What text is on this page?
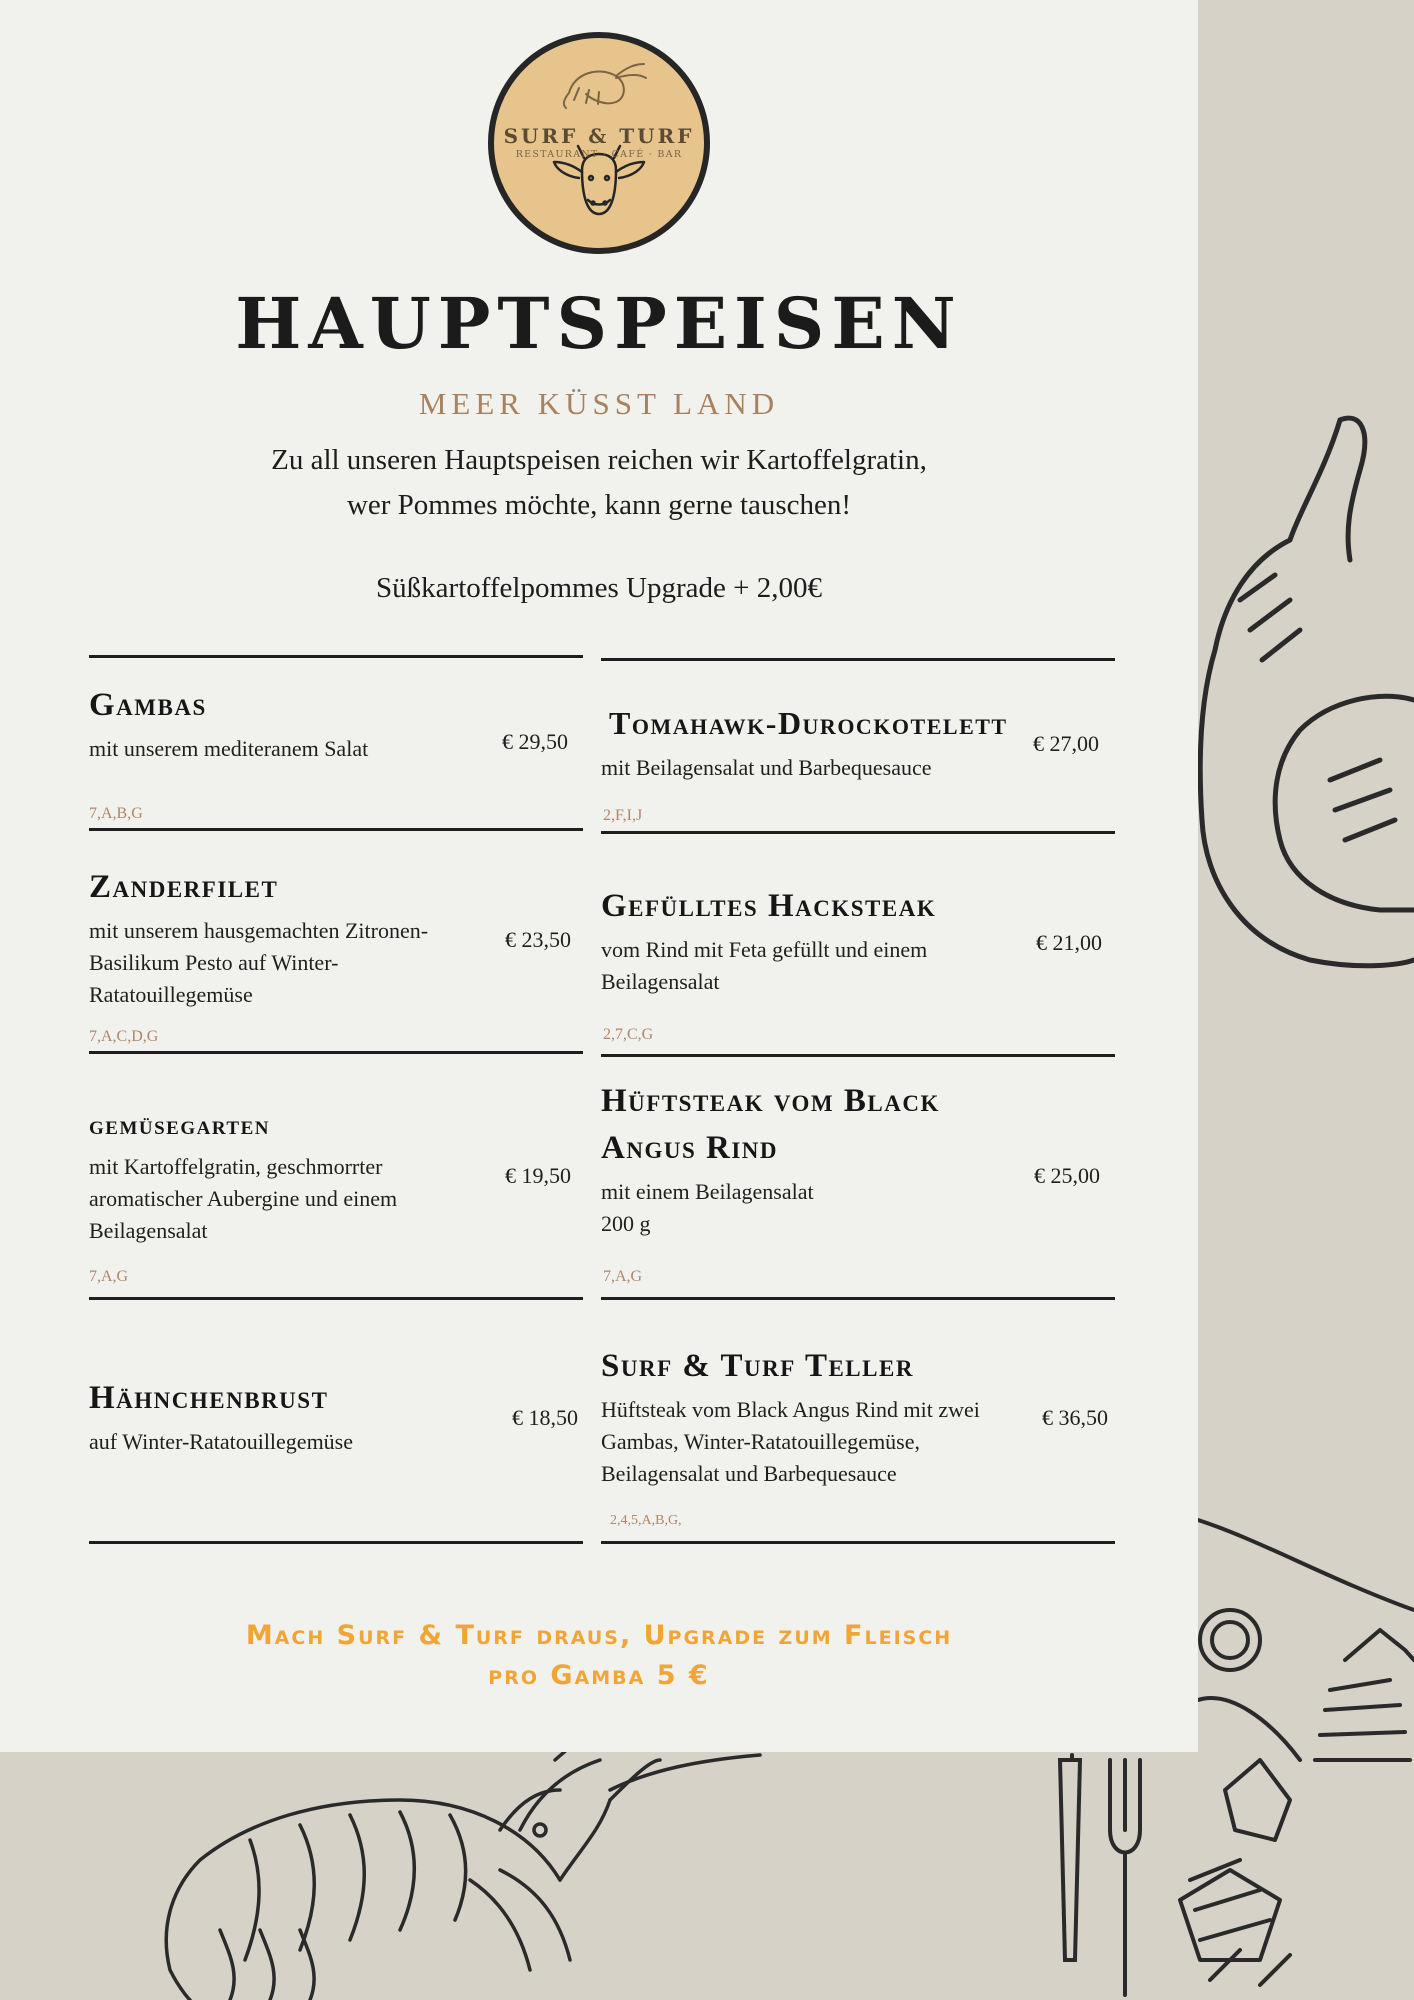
SURF & TURF
RESTAURANT · CAFÉ · BAR
HAUPTSPEISEN
MEER KÜSST LAND
Zu all unseren Hauptspeisen reichen wir Kartoffelgratin,
wer Pommes möchte, kann gerne tauschen!
Süßkartoffelpommes Upgrade + 2,00€
Gambas
mit unserem mediteranem Salat	€ 29,50
7,A,B,G
Zanderfilet
mit unserem hausgemachten Zitronen-Basilikum Pesto auf Winter-Ratatouillegemüse
€ 23,50
7,A,C,D,G
gemüsegarten
mit Kartoffelgratin, geschmorrter aromatischer Aubergine und einem Beilagensalat
€ 19,50
7,A,G
Hähnchenbrust
auf Winter-Ratatouillegemüse
€ 18,50
Tomahawk-Durockotelett
mit Beilagensalat und Barbequesauce
€ 27,00
2,F,I,J
Gefülltes Hacksteak
vom Rind mit Feta gefüllt und einem Beilagensalat
€ 21,00
2,7,C,G
Hüftsteak vom Black
Angus Rind
mit einem Beilagensalat
200 g
€ 25,00
7,A,G
Surf & Turf Teller
Hüftsteak vom Black Angus Rind mit zwei Gambas, Winter-Ratatouillegemüse, Beilagensalat und Barbequesauce
€ 36,50
2,4,5,A,B,G,
Mach Surf & Turf draus, Upgrade zum Fleisch
pro Gamba 5 €
